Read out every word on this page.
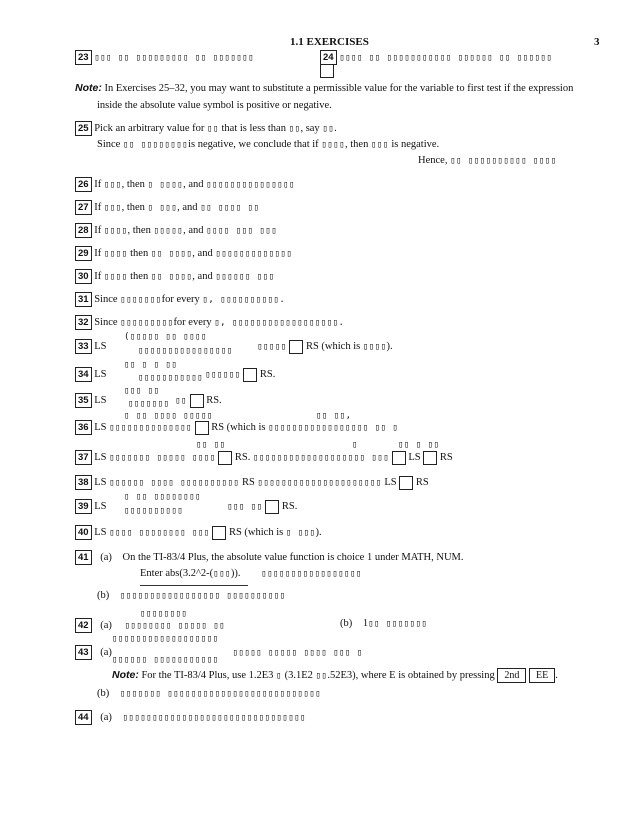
1.1 EXERCISES	3
23 ▯▯▯ ▯▯ ▯▯▯▯▯▯▯▯▯ ▯▯ ▯▯▯▯▯▯▯	24 ▯▯▯▯ ▯▯ ▯▯▯▯▯▯▯▯▯▯▯ ▯▯▯▯▯▯ ▯▯ ▯▯▯▯▯▯
Note: In Exercises 25–32, you may want to substitute a permissible value for the variable to first test if the expression
inside the absolute value symbol is positive or negative.
25 Pick an arbitrary value for ▯▯ that is less than ▯▯, say ▯▯.
Since ▯▯ ▯▯▯▯▯▯▯▯is negative, we conclude that if ▯▯▯▯, then ▯▯▯ is negative.
Hence, ▯▯ ▯▯▯▯▯▯▯▯▯▯ ▯▯▯▯
26 If ▯▯▯, then ▯ ▯▯▯▯, and ▯▯▯▯▯▯▯▯▯▯▯▯▯▯▯
27 If ▯▯▯, then ▯ ▯▯▯, and ▯▯ ▯▯▯▯ ▯▯
28 If ▯▯▯▯, then ▯▯▯▯▯, and ▯▯▯▯ ▯▯▯ ▯▯▯
29 If ▯▯▯▯ then ▯▯ ▯▯▯▯, and ▯▯▯▯▯▯▯▯▯▯▯▯▯
30 If ▯▯▯▯ then ▯▯ ▯▯▯▯, and ▯▯▯▯▯▯ ▯▯▯
31 Since ▯▯▯▯▯▯▯for every ▯, ▯▯▯▯▯▯▯▯▯▯.
32 Since ▯▯▯▯▯▯▯▯▯for every ▯, ▯▯▯▯▯▯▯▯▯▯▯▯▯▯▯▯▯▯.
(▯▯▯▯▯ ▯▯ ▯▯▯▯
▯▯▯▯▯▯▯▯▯▯▯▯▯▯▯▯
33 LS	▯▯▯▯▯ RS (which is ▯▯▯▯).
▯▯ ▯ ▯ ▯▯
▯▯▯▯▯▯▯▯▯▯▯
34 LS	▯▯▯▯▯▯ RS.
▯▯▯ ▯▯
▯▯▯▯▯▯▯
35 LS	▯▯ RS.
▯ ▯▯ ▯▯▯▯ ▯▯▯▯▯	▯▯ ▯▯,
36 LS ▯▯▯▯▯▯▯▯▯▯▯▯▯▯ RS (which is ▯▯▯▯▯▯▯▯▯▯▯▯▯▯▯▯▯ ▯▯ ▯
▯▯ ▯▯	▯	▯▯ ▯ ▯▯
37 LS ▯▯▯▯▯▯▯ ▯▯▯▯▯ ▯▯▯▯ RS. ▯▯▯▯▯▯▯▯▯▯▯▯▯▯▯▯▯▯▯ ▯▯▯ LS RS
38 LS ▯▯▯▯▯▯ ▯▯▯▯ ▯▯▯▯▯▯▯▯▯▯ RS ▯▯▯▯▯▯▯▯▯▯▯▯▯▯▯▯▯▯▯▯▯ LS RS
▯ ▯▯ ▯▯▯▯▯▯▯▯
▯▯▯▯▯▯▯▯▯▯
39 LS	▯▯▯ ▯▯ RS.
40 LS ▯▯▯▯ ▯▯▯▯▯▯▯▯ ▯▯▯ RS (which is ▯ ▯▯▯).
41 (a) On the TI-83/4 Plus, the absolute value function is choice 1 under MATH, NUM.
Enter abs(3.2^2-(▯▯▯)). ▯▯▯▯▯▯▯▯▯▯▯▯▯▯▯▯▯
(b) ▯▯▯▯▯▯▯▯▯▯▯▯▯▯▯▯▯ ▯▯▯▯▯▯▯▯▯▯
▯▯▯▯▯▯▯▯
42 (a) ▯▯▯▯▯▯▯▯ ▯▯▯▯▯ ▯▯	(b) 1▯▯ ▯▯▯▯▯▯▯
▯▯▯▯▯▯▯▯▯▯▯▯▯▯▯▯▯▯
43 (a)	▯▯▯▯▯ ▯▯▯▯▯ ▯▯▯▯ ▯▯▯ ▯
▯▯▯▯▯▯ ▯▯▯▯▯▯▯▯▯▯▯
Note: For the TI-83/4 Plus, use 1.2E3 ▯ (3.1E2 ▯▯.52E3), where E is obtained by pressing 2nd EE .
(b) ▯▯▯▯▯▯▯ ▯▯▯▯▯▯▯▯▯▯▯▯▯▯▯▯▯▯▯▯▯▯▯▯▯▯
44 (a) ▯▯▯▯▯▯▯▯▯▯▯▯▯▯▯▯▯▯▯▯▯▯▯▯▯▯▯▯▯▯▯
